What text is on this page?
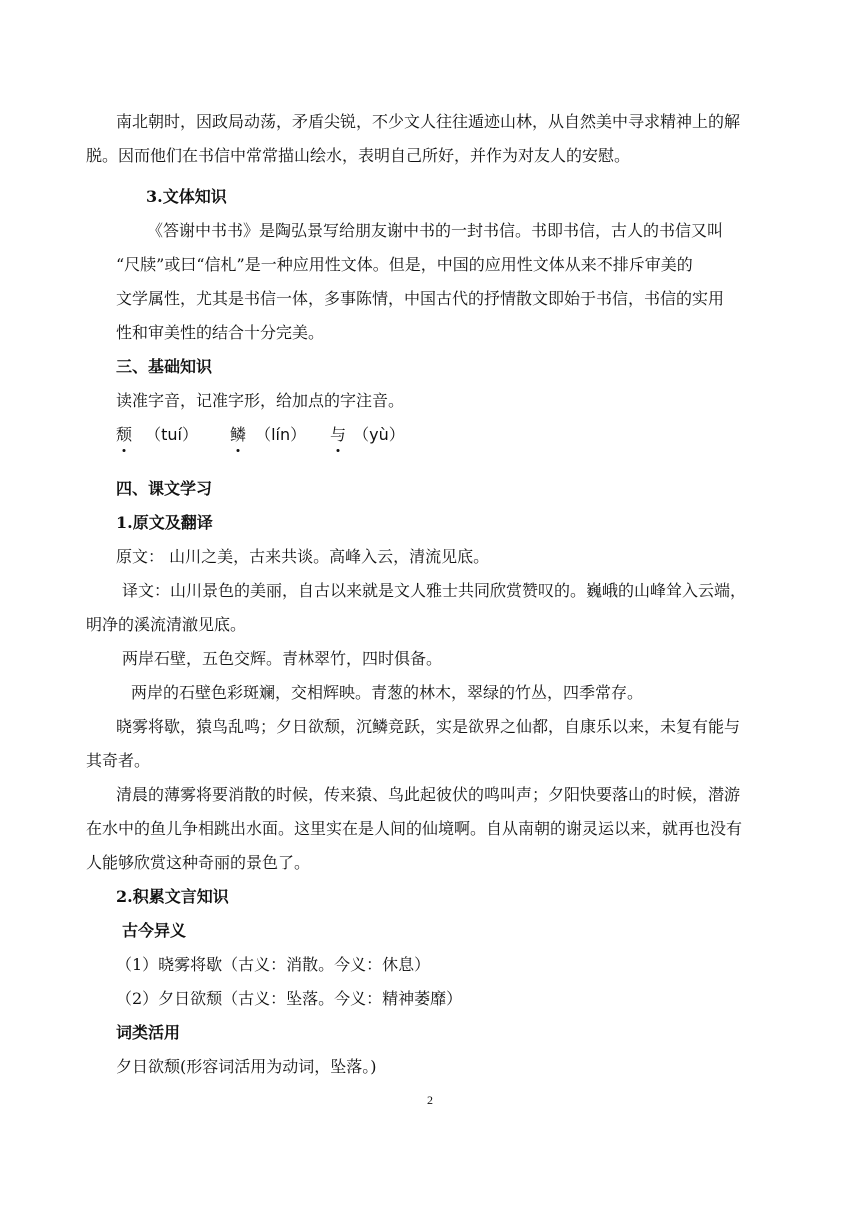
南北朝时，因政局动荡，矛盾尖锐，不少文人往往遁迹山林，从自然美中寻求精神上的解
脱。因而他们在书信中常常描山绘水，表明自己所好，并作为对友人的安慰。
3.文体知识
《答谢中书书》是陶弘景写给朋友谢中书的一封书信。书即书信，古人的书信又叫
“尺牍”或曰“信札”是一种应用性文体。但是，中国的应用性文体从来不排斥审美的
文学属性，尤其是书信一体，多事陈情，中国古代的抒情散文即始于书信，书信的实用
性和审美性的结合十分完美。
三、基础知识
读准字音，记准字形，给加点的字注音。
颓 （tuí） 鳞 （lín） 与 （yù）
四、课文学习
1.原文及翻译
原文： 山川之美，古来共谈。高峰入云，清流见底。
译文：山川景色的美丽，自古以来就是文人雅士共同欣赏赞叹的。巍峨的山峰耸入云端，
明净的溪流清澈见底。
两岸石壁，五色交辉。青林翠竹，四时俱备。
两岸的石壁色彩斑斓，交相辉映。青葱的林木，翠绿的竹丛，四季常存。
晓雾将歇，猿鸟乱鸣；夕日欲颓，沉鳞竞跃，实是欲界之仙都，自康乐以来，未复有能与
其奇者。
清晨的薄雾将要消散的时候，传来猿、鸟此起彼伏的鸣叫声；夕阳快要落山的时候，潜游
在水中的鱼儿争相跳出水面。这里实在是人间的仙境啊。自从南朝的谢灵运以来，就再也没有
人能够欣赏这种奇丽的景色了。
2.积累文言知识
古今异义
（1）晓雾将歇（古义：消散。今义：休息）
（2）夕日欲颓（古义：坠落。今义：精神萎靡）
词类活用
夕日欲颓(形容词活用为动词，坠落。)
2
